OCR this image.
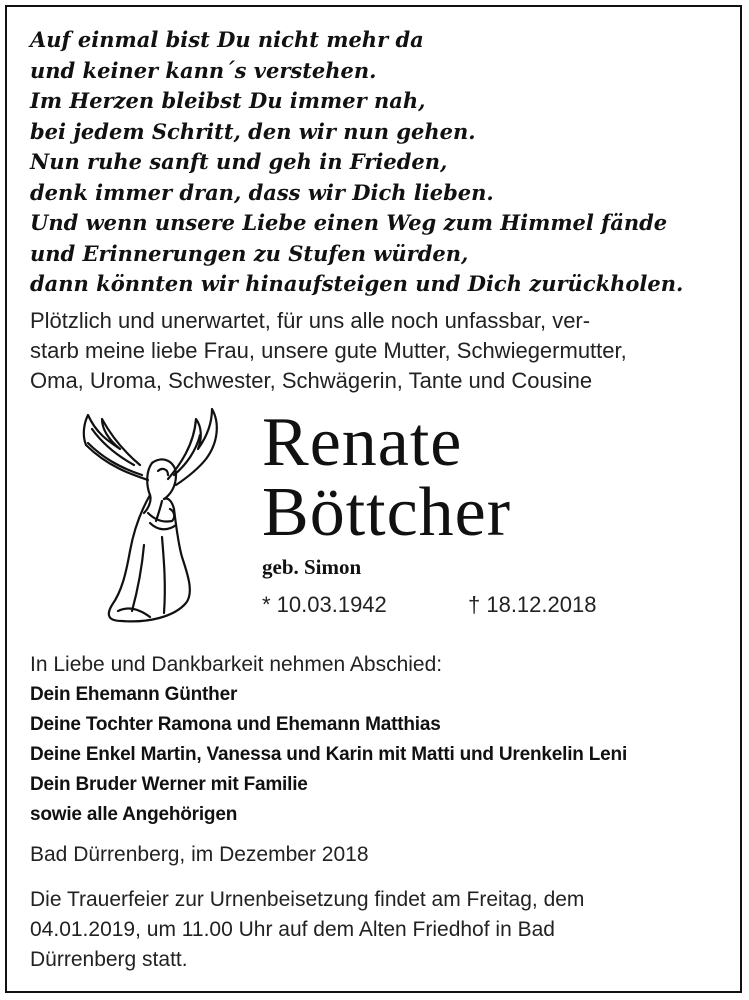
Auf einmal bist Du nicht mehr da
und keiner kann´s verstehen.
Im Herzen bleibst Du immer nah,
bei jedem Schritt, den wir nun gehen.
Nun ruhe sanft und geh in Frieden,
denk immer dran, dass wir Dich lieben.
Und wenn unsere Liebe einen Weg zum Himmel fände
und Erinnerungen zu Stufen würden,
dann könnten wir hinaufsteigen und Dich zurückholen.
Plötzlich und unerwartet, für uns alle noch unfassbar, ver-
starb meine liebe Frau, unsere gute Mutter, Schwiegermutter,
Oma, Uroma, Schwester, Schwägerin, Tante und Cousine
Renate
Böttcher
geb. Simon
* 10.03.1942	† 18.12.2018
In Liebe und Dankbarkeit nehmen Abschied:
Dein Ehemann Günther
Deine Tochter Ramona und Ehemann Matthias
Deine Enkel Martin, Vanessa und Karin mit Matti und Urenkelin Leni
Dein Bruder Werner mit Familie
sowie alle Angehörigen
Bad Dürrenberg, im Dezember 2018
Die Trauerfeier zur Urnenbeisetzung findet am Freitag, dem
04.01.2019, um 11.00 Uhr auf dem Alten Friedhof in Bad
Dürrenberg statt.
